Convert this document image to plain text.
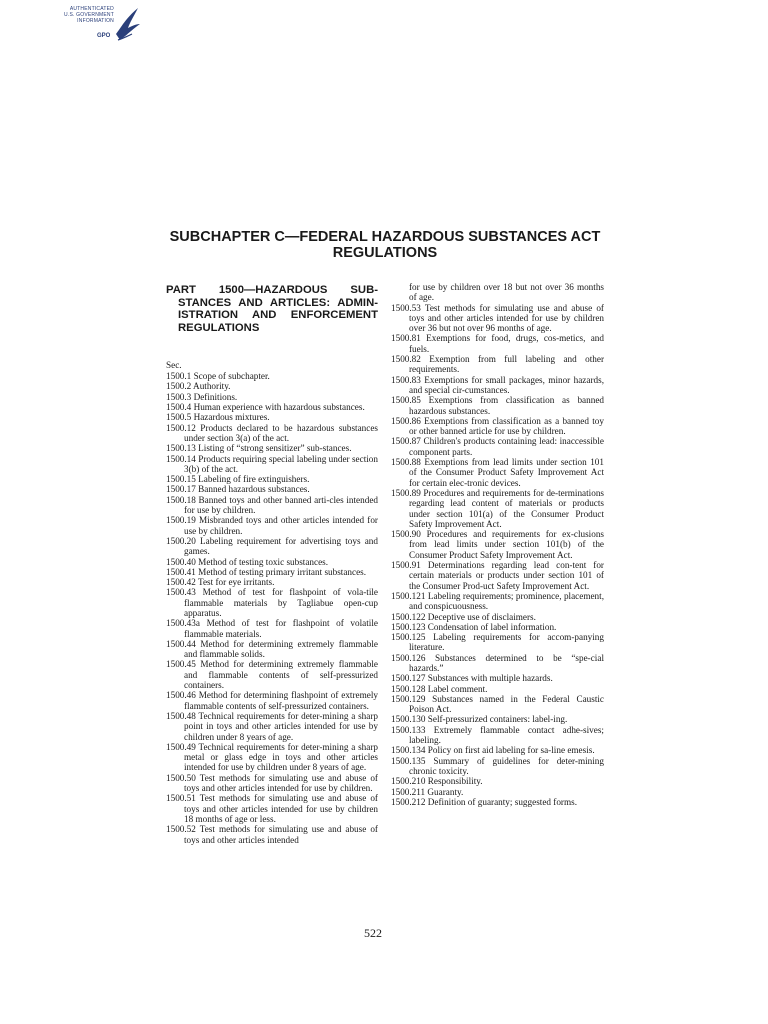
AUTHENTICATED
U.S. GOVERNMENT
INFORMATION
GPO
SUBCHAPTER C—FEDERAL HAZARDOUS SUBSTANCES ACT REGULATIONS
PART 1500—HAZARDOUS SUB-STANCES AND ARTICLES: ADMIN-ISTRATION AND ENFORCEMENT REGULATIONS

Sec.

1500.1 Scope of subchapter.

1500.2 Authority.

1500.3 Definitions.

1500.4 Human experience with hazardous substances.

1500.5 Hazardous mixtures.

1500.12 Products declared to be hazardous substances under section 3(a) of the act.

1500.13 Listing of “strong sensitizer” sub-stances.

1500.14 Products requiring special labeling under section 3(b) of the act.

1500.15 Labeling of fire extinguishers.

1500.17 Banned hazardous substances.

1500.18 Banned toys and other banned arti-cles intended for use by children.

1500.19 Misbranded toys and other articles intended for use by children.

1500.20 Labeling requirement for advertising toys and games.

1500.40 Method of testing toxic substances.

1500.41 Method of testing primary irritant substances.

1500.42 Test for eye irritants.

1500.43 Method of test for flashpoint of vola-tile flammable materials by Tagliabue open-cup apparatus.

1500.43a Method of test for flashpoint of volatile flammable materials.

1500.44 Method for determining extremely flammable and flammable solids.

1500.45 Method for determining extremely flammable and flammable contents of self-pressurized containers.

1500.46 Method for determining flashpoint of extremely flammable contents of self-pressurized containers.

1500.48 Technical requirements for deter-mining a sharp point in toys and other articles intended for use by children under 8 years of age.

1500.49 Technical requirements for deter-mining a sharp metal or glass edge in toys and other articles intended for use by children under 8 years of age.

1500.50 Test methods for simulating use and abuse of toys and other articles intended for use by children.

1500.51 Test methods for simulating use and abuse of toys and other articles intended for use by children 18 months of age or less.

1500.52 Test methods for simulating use and abuse of toys and other articles intended

for use by children over 18 but not over 36 months of age.

1500.53 Test methods for simulating use and abuse of toys and other articles intended for use by children over 36 but not over 96 months of age.

1500.81 Exemptions for food, drugs, cos-metics, and fuels.

1500.82 Exemption from full labeling and other requirements.

1500.83 Exemptions for small packages, minor hazards, and special cir-cumstances.

1500.85 Exemptions from classification as banned hazardous substances.

1500.86 Exemptions from classification as a banned toy or other banned article for use by children.

1500.87 Children's products containing lead: inaccessible component parts.

1500.88 Exemptions from lead limits under section 101 of the Consumer Product Safety Improvement Act for certain elec-tronic devices.

1500.89 Procedures and requirements for de-terminations regarding lead content of materials or products under section 101(a) of the Consumer Product Safety Improvement Act.

1500.90 Procedures and requirements for ex-clusions from lead limits under section 101(b) of the Consumer Product Safety Improvement Act.

1500.91 Determinations regarding lead con-tent for certain materials or products under section 101 of the Consumer Prod-uct Safety Improvement Act.

1500.121 Labeling requirements; prominence, placement, and conspicuousness.

1500.122 Deceptive use of disclaimers.

1500.123 Condensation of label information.

1500.125 Labeling requirements for accom-panying literature.

1500.126 Substances determined to be “spe-cial hazards.”

1500.127 Substances with multiple hazards.

1500.128 Label comment.

1500.129 Substances named in the Federal Caustic Poison Act.

1500.130 Self-pressurized containers: label-ing.

1500.133 Extremely flammable contact adhe-sives; labeling.

1500.134 Policy on first aid labeling for sa-line emesis.

1500.135 Summary of guidelines for deter-mining chronic toxicity.

1500.210 Responsibility.

1500.211 Guaranty.

1500.212 Definition of guaranty; suggested forms.

522
